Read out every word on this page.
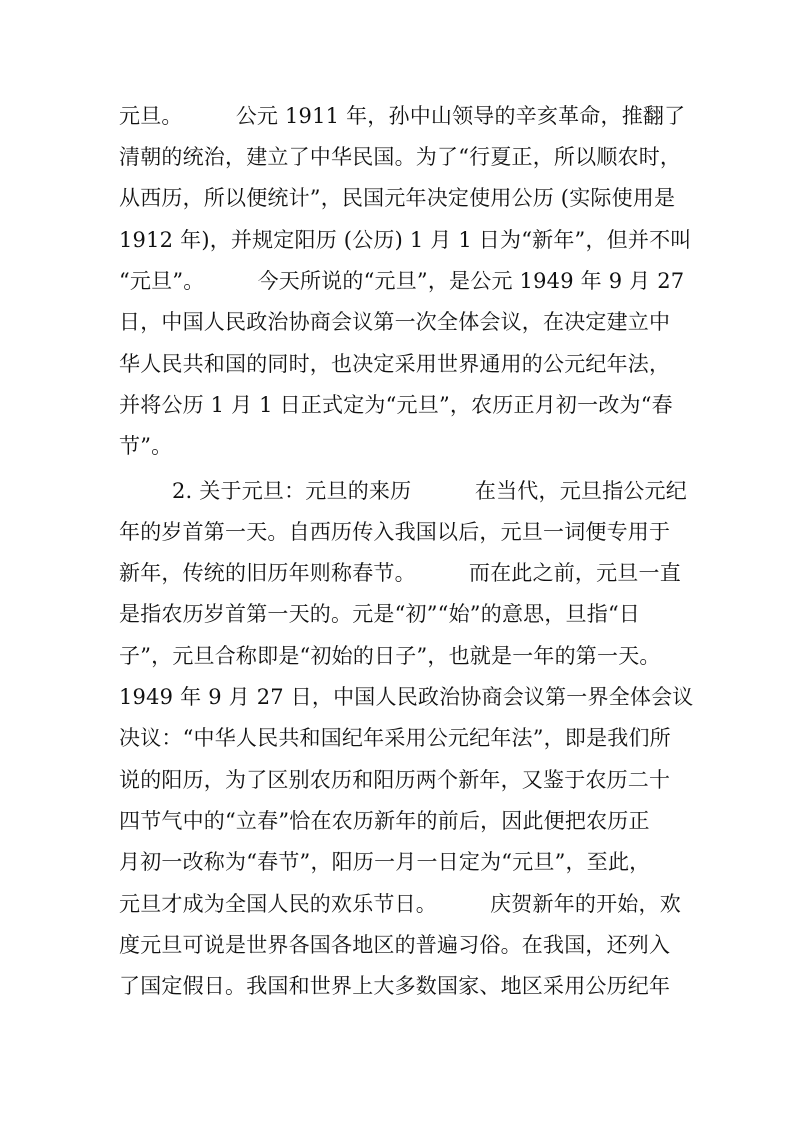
元旦。　　　公元 1911 年，孙中山领导的辛亥革命，推翻了
清朝的统治，建立了中华民国。为了“行夏正，所以顺农时，
从西历，所以便统计”，民国元年决定使用公历 (实际使用是
1912 年)，并规定阳历 (公历) 1 月 1 日为“新年”，但并不叫
“元旦”。　　　今天所说的“元旦”，是公元 1949 年 9 月 27
日，中国人民政治协商会议第一次全体会议，在决定建立中
华人民共和国的同时，也决定采用世界通用的公元纪年法，
并将公历 1 月 1 日正式定为“元旦”，农历正月初一改为“春
节”。
2. 关于元旦：元旦的来历　　　在当代，元旦指公元纪
年的岁首第一天。自西历传入我国以后，元旦一词便专用于
新年，传统的旧历年则称春节。　　　而在此之前，元旦一直
是指农历岁首第一天的。元是“初”“始”的意思，旦指“日
子”，元旦合称即是“初始的日子”，也就是一年的第一天。
1949 年 9 月 27 日，中国人民政治协商会议第一界全体会议
决议：“中华人民共和国纪年采用公元纪年法”，即是我们所
说的阳历，为了区别农历和阳历两个新年，又鉴于农历二十
四节气中的“立春”恰在农历新年的前后，因此便把农历正
月初一改称为“春节”，阳历一月一日定为“元旦”，至此，
元旦才成为全国人民的欢乐节日。　　　庆贺新年的开始，欢
度元旦可说是世界各国各地区的普遍习俗。在我国，还列入
了国定假日。我国和世界上大多数国家、地区采用公历纪年
